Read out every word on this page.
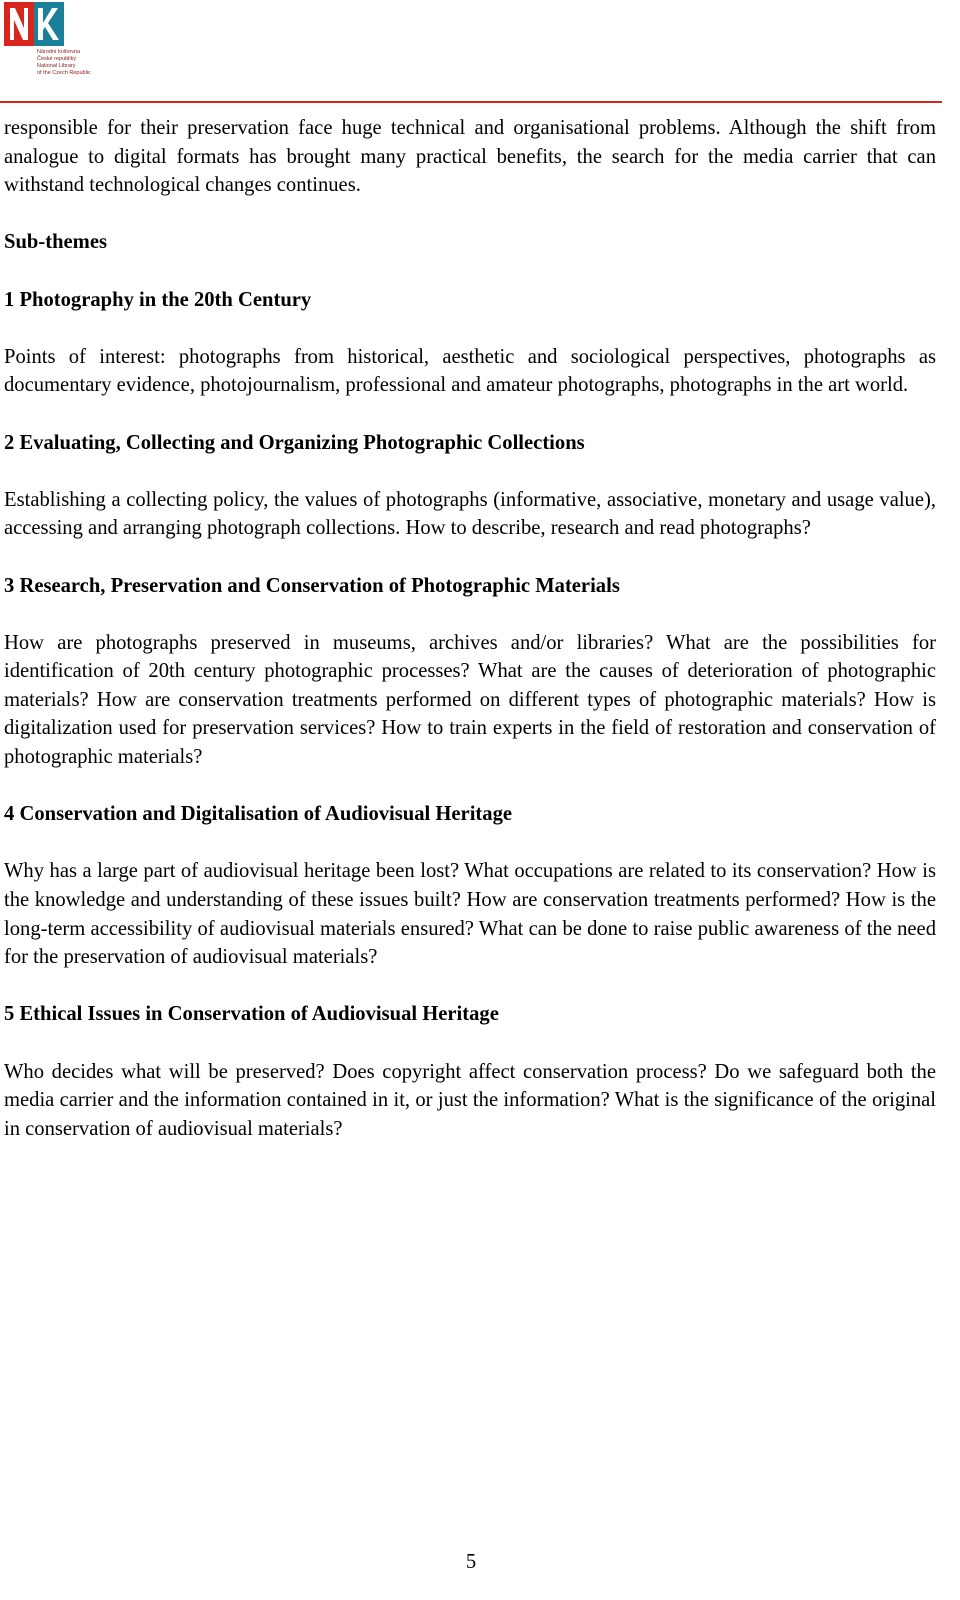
Národní knihovna
České republiky
National Library
of the Czech Republic

responsible for their preservation face huge technical and organisational problems. Although the shift from analogue to digital formats has brought many practical benefits, the search for the media carrier that can withstand technological changes continues.

Sub-themes
1 Photography in the 20th Century

Points of interest: photographs from historical, aesthetic and sociological perspectives, photographs as documentary evidence, photojournalism, professional and amateur photographs, photographs in the art world.

2 Evaluating, Collecting and Organizing Photographic Collections

Establishing a collecting policy, the values of photographs (informative, associative, monetary and usage value), accessing and arranging photograph collections. How to describe, research and read photographs?

3 Research, Preservation and Conservation of Photographic Materials

How are photographs preserved in museums, archives and/or libraries? What are the possibilities for identification of 20th century photographic processes? What are the causes of deterioration of photographic materials? How are conservation treatments performed on different types of photographic materials? How is digitalization used for preservation services? How to train experts in the field of restoration and conservation of photographic materials?

4 Conservation and Digitalisation of Audiovisual Heritage

Why has a large part of audiovisual heritage been lost? What occupations are related to its conservation? How is the knowledge and understanding of these issues built? How are conservation treatments performed? How is the long-term accessibility of audiovisual materials ensured? What can be done to raise public awareness of the need for the preservation of audiovisual materials?

5 Ethical Issues in Conservation of Audiovisual Heritage

Who decides what will be preserved? Does copyright affect conservation process? Do we safeguard both the media carrier and the information contained in it, or just the information? What is the significance of the original in conservation of audiovisual materials?

5
